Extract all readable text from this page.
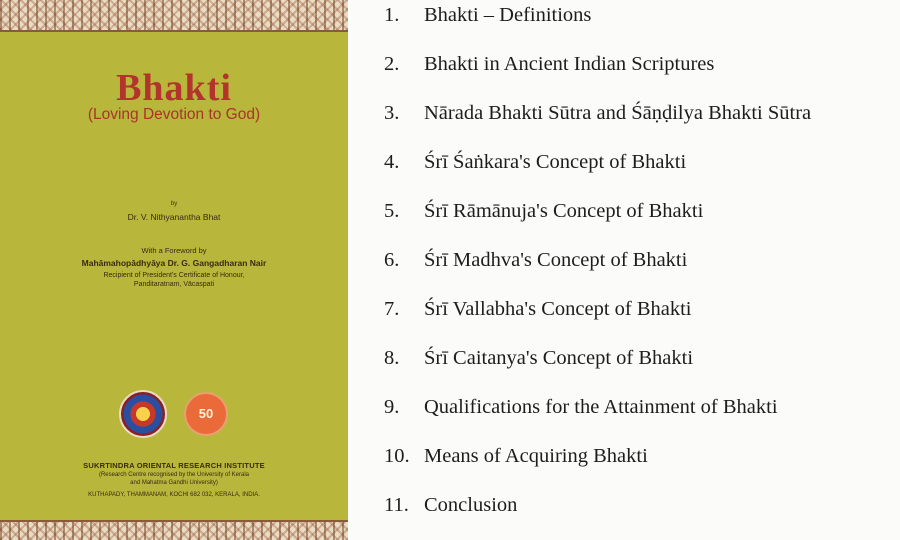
Bhakti
(Loving Devotion to God)
by
Dr. V. Nithyanantha Bhat
With a Foreword by
Mahāmahopādhyāya Dr. G. Gangadharan Nair
Recipient of President's Certificate of Honour,
Panditaratnam, Vācaspati
50
SUKRTINDRA ORIENTAL RESEARCH INSTITUTE
(Research Centre recognised by the University of Kerala
and Mahatma Gandhi University)
KUTHAPADY, THAMMANAM, KOCHI 682 032, KERALA, INDIA.
1. Bhakti – Definitions
2. Bhakti in Ancient Indian Scriptures
3. Nārada Bhakti Sūtra and Śāṇḍilya Bhakti Sūtra
4. Śrī Śaṅkara's Concept of Bhakti
5. Śrī Rāmānuja's Concept of Bhakti
6. Śrī Madhva's Concept of Bhakti
7. Śrī Vallabha's Concept of Bhakti
8. Śrī Caitanya's Concept of Bhakti
9. Qualifications for the Attainment of Bhakti
10. Means of Acquiring Bhakti
11. Conclusion
